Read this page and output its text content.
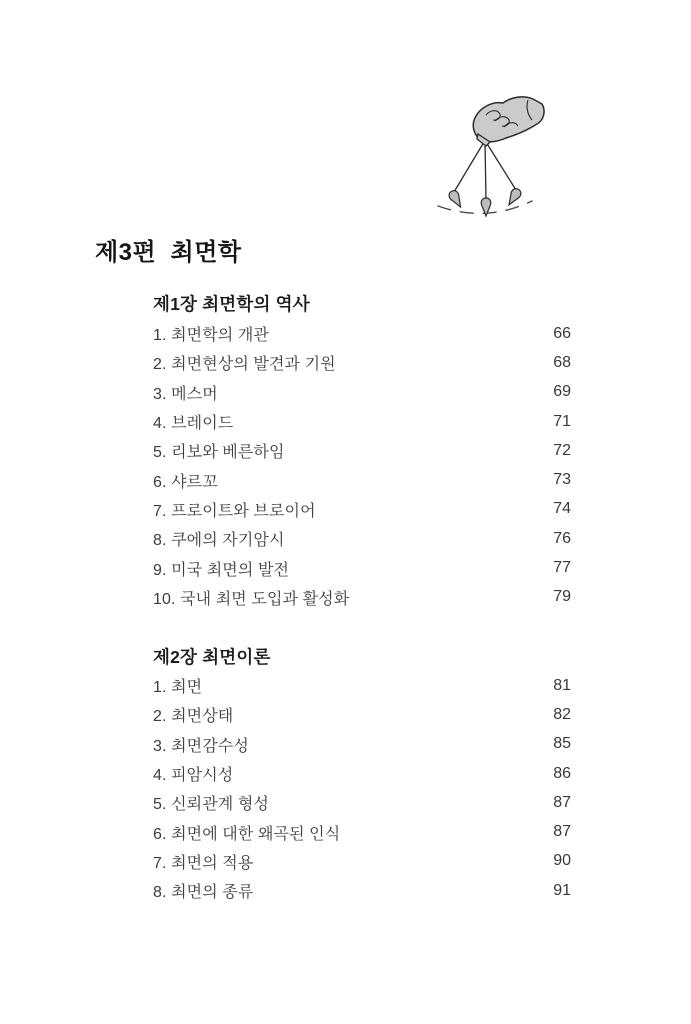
제3편  최면학
제1장 최면학의 역사
1. 최면학의 개관	66
2. 최면현상의 발견과 기원	68
3. 메스머	69
4. 브레이드	71
5. 리보와 베른하임	72
6. 샤르꼬	73
7. 프로이트와 브로이어	74
8. 쿠에의 자기암시	76
9. 미국 최면의 발전	77
10. 국내 최면 도입과 활성화	79
제2장 최면이론
1. 최면	81
2. 최면상태	82
3. 최면감수성	85
4. 피암시성	86
5. 신뢰관계 형성	87
6. 최면에 대한 왜곡된 인식	87
7. 최면의 적용	90
8. 최면의 종류	91
